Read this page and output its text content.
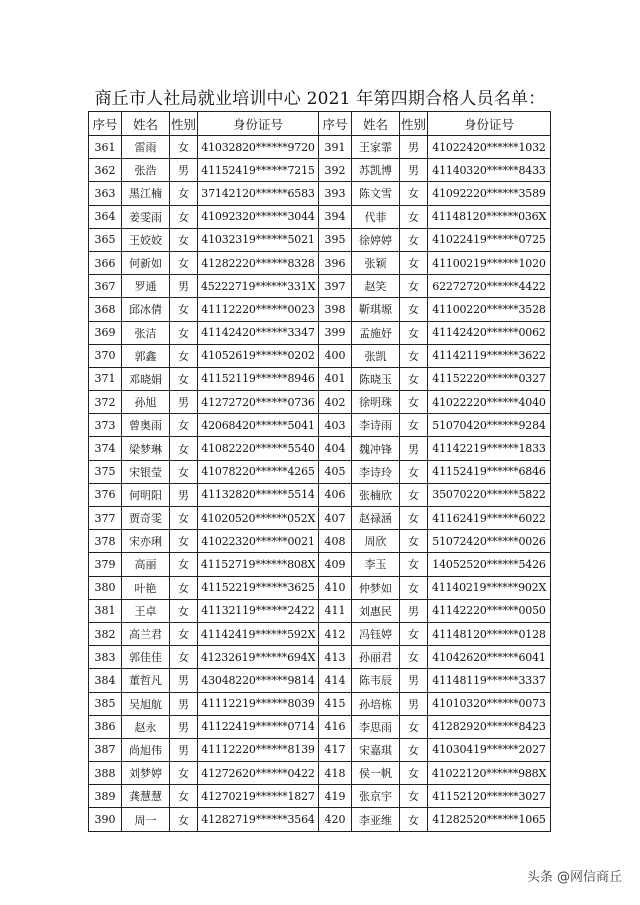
商丘市人社局就业培训中心 2021 年第四期合格人员名单：
序号	姓名	性别	身份证号	序号	姓名	性别	身份证号
361	雷雨	女	41032820******9720	391	王家霏	男	41022420******1032
362	张浩	男	41152419******7215	392	苏凯博	男	41140320******8433
363	黑江楠	女	37142120******6583	393	陈文雪	女	41092220******3589
364	姜雯雨	女	41092320******3044	394	代菲	女	41148120******036X
365	王姣姣	女	41032319******5021	395	徐婷婷	女	41022419******0725
366	何新如	女	41282220******8328	396	张颖	女	41100219******1020
367	罗通	男	45222719******331X	397	赵笑	女	62272720******4422
368	邱冰倩	女	41112220******0023	398	靳琪塬	女	41100220******3528
369	张洁	女	41142420******3347	399	孟施妤	女	41142420******0062
370	郭鑫	女	41052619******0202	400	张凯	女	41142119******3622
371	邓晓娟	女	41152119******8946	401	陈晓玉	女	41152220******0327
372	孙旭	男	41272720******0736	402	徐明珠	女	41022220******4040
373	曾奥雨	女	42068420******5041	403	李诗雨	女	51070420******9284
374	梁梦琳	女	41082220******5540	404	魏冲锋	男	41142219******1833
375	宋银莹	女	41078220******4265	405	李诗玲	女	41152419******6846
376	何明阳	男	41132820******5514	406	张楠欣	女	35070220******5822
377	贾奇雯	女	41020520******052X	407	赵禄涵	女	41162419******6022
378	宋亦琍	女	41022320******0021	408	周欣	女	51072420******0026
379	高丽	女	41152719******808X	409	李玉	女	14052520******5426
380	叶艳	女	41152219******3625	410	仲梦如	女	41140219******902X
381	王卓	女	41132119******2422	411	刘惠民	男	41142220******0050
382	高兰君	女	41142419******592X	412	冯钰婷	女	41148120******0128
383	郭佳佳	女	41232619******694X	413	孙丽君	女	41042620******6041
384	董哲凡	男	43048220******9814	414	陈韦辰	男	41148119******3337
385	吴旭航	男	41112219******8039	415	孙培栋	男	41010320******0073
386	赵永	男	41122419******0714	416	李思雨	女	41282920******8423
387	尚旭伟	男	41112220******8139	417	宋嘉琪	女	41030419******2027
388	刘梦婷	女	41272620******0422	418	侯一帆	女	41022120******988X
389	龚慧慧	女	41270219******1827	419	张京宇	女	41152120******3027
390	周一	女	41282719******3564	420	李亚维	女	41282520******1065
头条 @网信商丘
